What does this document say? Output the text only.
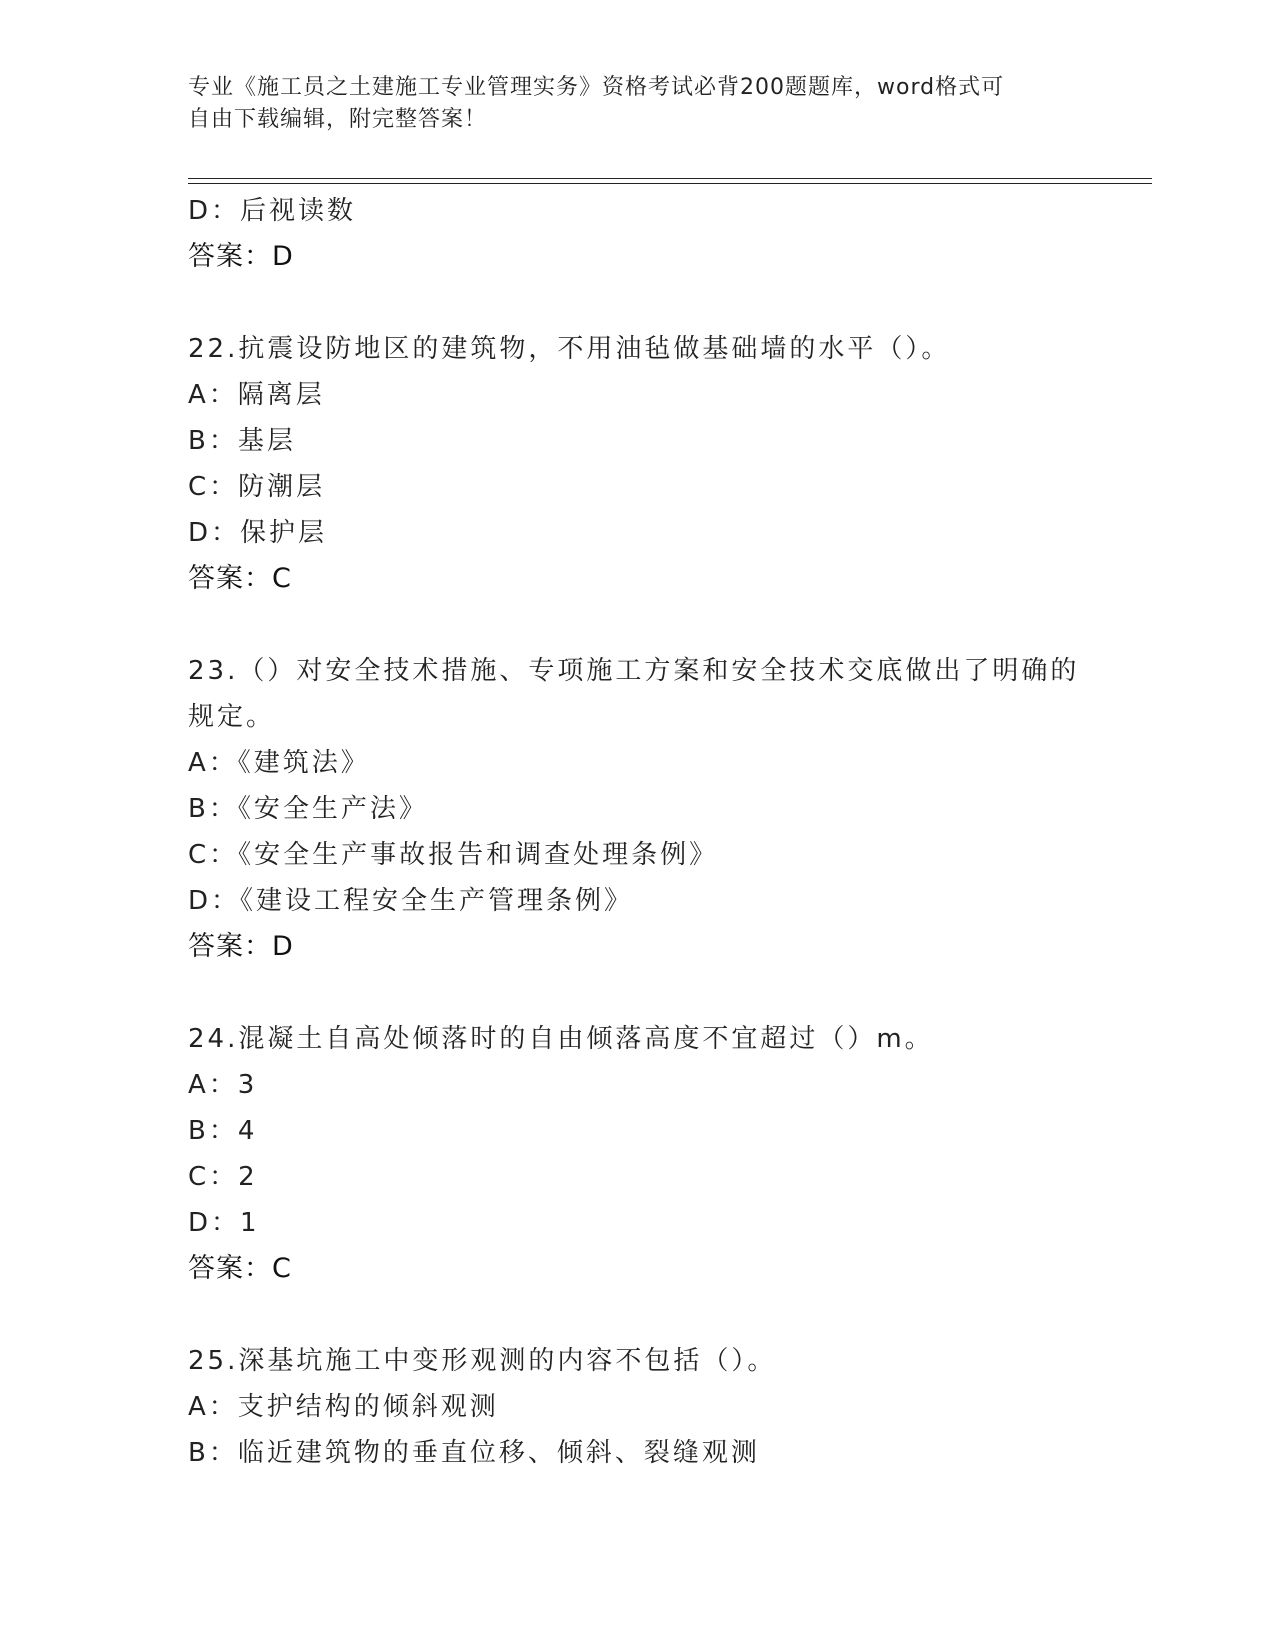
专业《施工员之土建施工专业管理实务》资格考试必背200题题库，word格式可
自由下载编辑，附完整答案！
D：后视读数
答案：D
22.抗震设防地区的建筑物，不用油毡做基础墙的水平（）。
A：隔离层
B：基层
C：防潮层
D：保护层
答案：C
23.（）对安全技术措施、专项施工方案和安全技术交底做出了明确的
规定。
A：《建筑法》
B：《安全生产法》
C：《安全生产事故报告和调查处理条例》
D：《建设工程安全生产管理条例》
答案：D
24.混凝土自高处倾落时的自由倾落高度不宜超过（）m。
A：3
B：4
C：2
D：1
答案：C
25.深基坑施工中变形观测的内容不包括（）。
A：支护结构的倾斜观测
B：临近建筑物的垂直位移、倾斜、裂缝观测
